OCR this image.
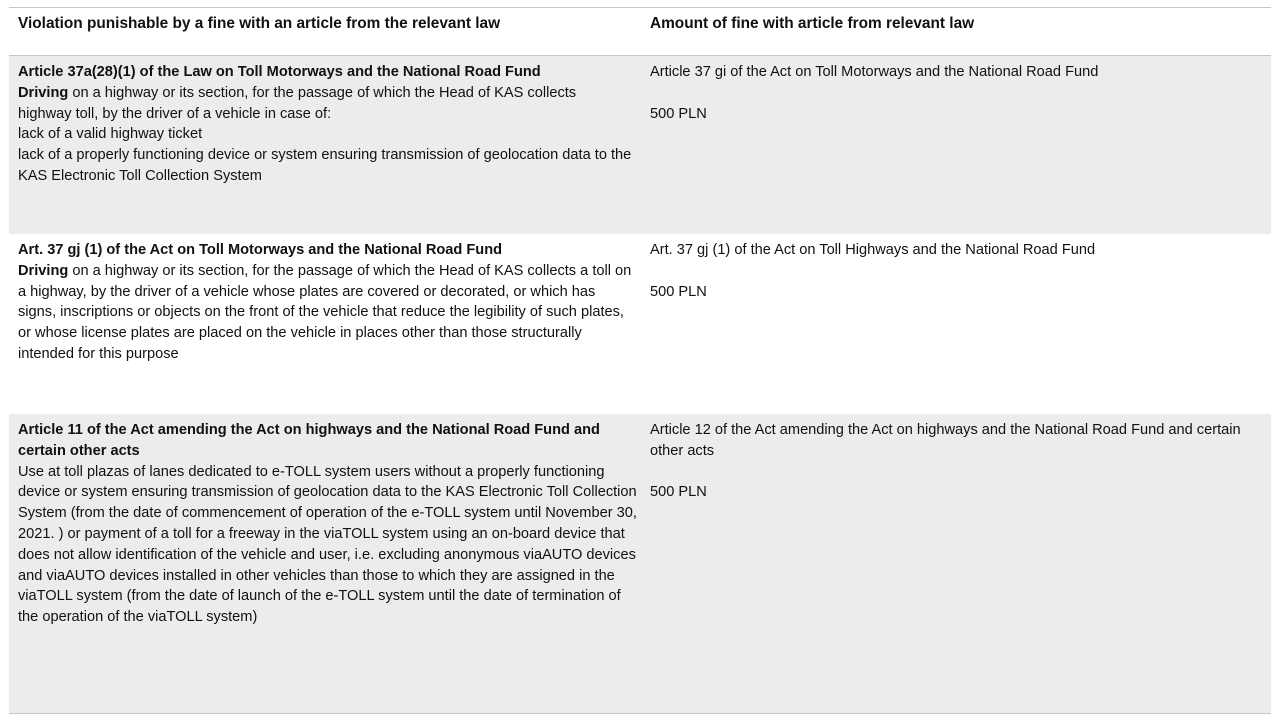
Violation punishable by a fine with an article from the relevant law	Amount of fine with article from relevant law
Article 37a(28)(1) of the Law on Toll Motorways and the National Road Fund
Driving on a highway or its section, for the passage of which the Head of KAS collects highway toll, by the driver of a vehicle in case of:
lack of a valid highway ticket
lack of a properly functioning device or system ensuring transmission of geolocation data to the KAS Electronic Toll Collection System
Article 37 gi of the Act on Toll Motorways and the National Road Fund
500 PLN
Art. 37 gj (1) of the Act on Toll Motorways and the National Road Fund
Driving on a highway or its section, for the passage of which the Head of KAS collects a toll on a highway, by the driver of a vehicle whose plates are covered or decorated, or which has signs, inscriptions or objects on the front of the vehicle that reduce the legibility of such plates, or whose license plates are placed on the vehicle in places other than those structurally intended for this purpose
Art. 37 gj (1) of the Act on Toll Highways and the National Road Fund
500 PLN
Article 11 of the Act amending the Act on highways and the National Road Fund and certain other acts
Use at toll plazas of lanes dedicated to e-TOLL system users without a properly functioning device or system ensuring transmission of geolocation data to the KAS Electronic Toll Collection System (from the date of commencement of operation of the e-TOLL system until November 30, 2021. ) or payment of a toll for a freeway in the viaTOLL system using an on-board device that does not allow identification of the vehicle and user, i.e. excluding anonymous viaAUTO devices and viaAUTO devices installed in other vehicles than those to which they are assigned in the viaTOLL system (from the date of launch of the e-TOLL system until the date of termination of the operation of the viaTOLL system)
Article 12 of the Act amending the Act on highways and the National Road Fund and certain other acts
500 PLN
